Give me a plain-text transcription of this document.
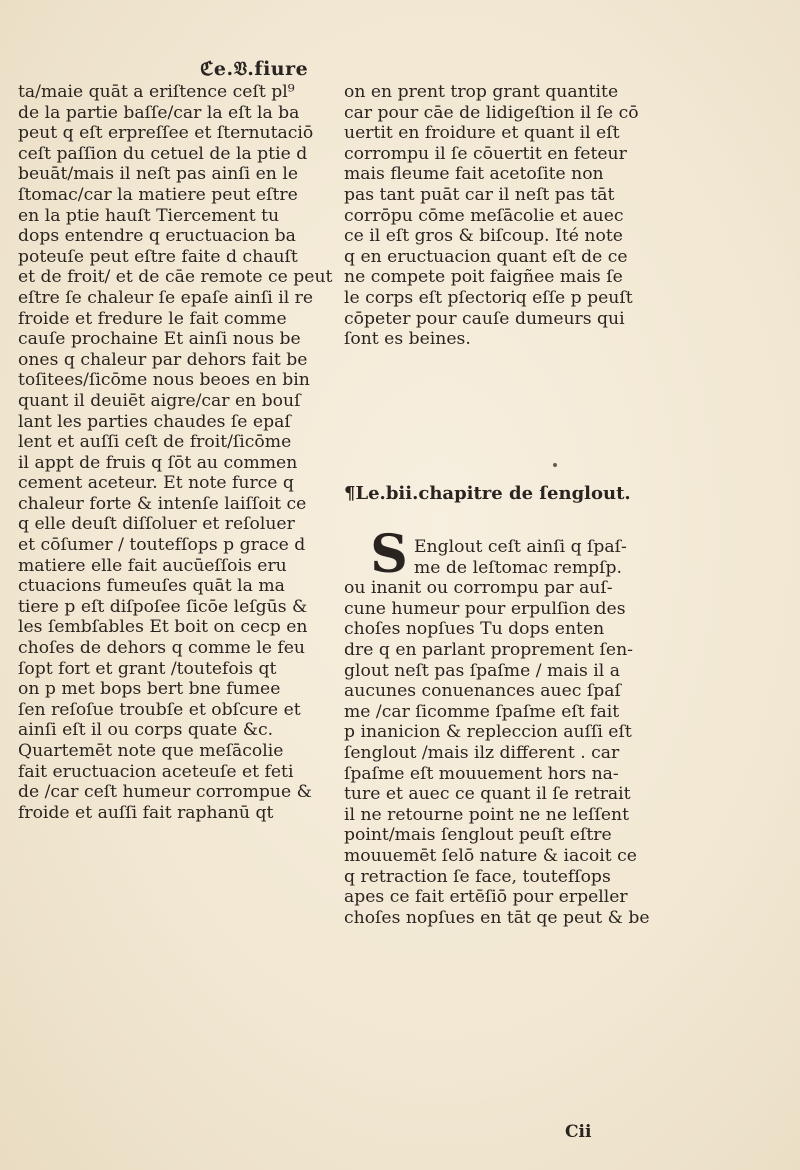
ℭe.𝔙.fiure
ta/maie quāt a eriſtence ceſt pl⁹
de la partie baſſe/car la eſt la ba
peut q eſt erpreſſee et ſternutaciō
ceſt paſſion du cetuel de la ptie d
beuāt/mais il neſt pas ainſi en le
ſtomac/car la matiere peut eſtre
en la ptie hauſt Tiercement tu
dops entendre q eructuacion ba
poteuſe peut eſtre faite d chauſt
et de froit/ et de cāe remote ce peut
eſtre ſe chaleur ſe epaſe ainſi il re
froide et fredure le fait comme
cauſe prochaine Et ainſi nous be
ones q chaleur par dehors fait be
toſitees/ſicōme nous beoes en bin
quant il deuiēt aigre/car en bouſ
lant les parties chaudes ſe epaſ
lent et auſſi ceſt de froit/ſicōme
il appt de fruis q ſōt au commen
cement aceteur. Et note furce q
chaleur forte & intenſe laiſſoit ce
q elle deuſt diſſoluer et reſoluer
et cōſumer / toutefſops p grace d
matiere elle fait aucūeſſois eru
ctuacions fumeuſes quāt la ma
tiere p eſt diſpoſee ſicōe leſgūs &
les ſembſables Et boit on cecp en
choſes de dehors q comme le feu
ſopt fort et grant /toutefois qt
on p met bops bert bne fumee
ſen reſoſue troubſe et obſcure et
ainſi eſt il ou corps quate &c.
Quartemēt note que meſācolie
fait eructuacion aceteuſe et feti
de /car ceſt humeur corrompue &
froide et auſſi fait raphanū qt
on en prent trop grant quantite
car pour cāe de lidigeſtion il ſe cō
uertit en froidure et quant il eſt
corrompu il ſe cōuertit en feteur
mais fleume fait acetoſite non
pas tant puāt car il neſt pas tāt
corrōpu cōme meſācolie et auec
ce il eſt gros & biſcoup. Ité note
q en eructuacion quant eſt de ce
ne compete poit faigñee mais ſe
le corps eſt pſectoriq eſſe p peuſt
cōpeter pour cauſe dumeurs qui
ſont es beines.
¶Le.bii.chapitre de ſenglout.
S Englout ceſt ainſi q ſpaſ-
me de leſtomac rempſp.
ou inanit ou corrompu par auſ-
cune humeur pour erpulſion des
choſes nopſues Tu dops enten
dre q en parlant proprement ſen-
glout neſt pas ſpaſme / mais il a
aucunes conuenances auec ſpaſ
me /car ſicomme ſpaſme eſt fait
p inanicion & repleccion auſſi eſt
ſenglout /mais ilz different . car
ſpaſme eſt mouuement hors na-
ture et auec ce quant il ſe retrait
il ne retourne point ne ne leſſent
point/mais ſenglout peuſt eſtre
mouuemēt ſelō nature & iacoit ce
q retraction ſe face, toutefſops
apes ce fait ertēſiō pour erpeller
choſes nopſues en tāt qe peut & be
Cii
